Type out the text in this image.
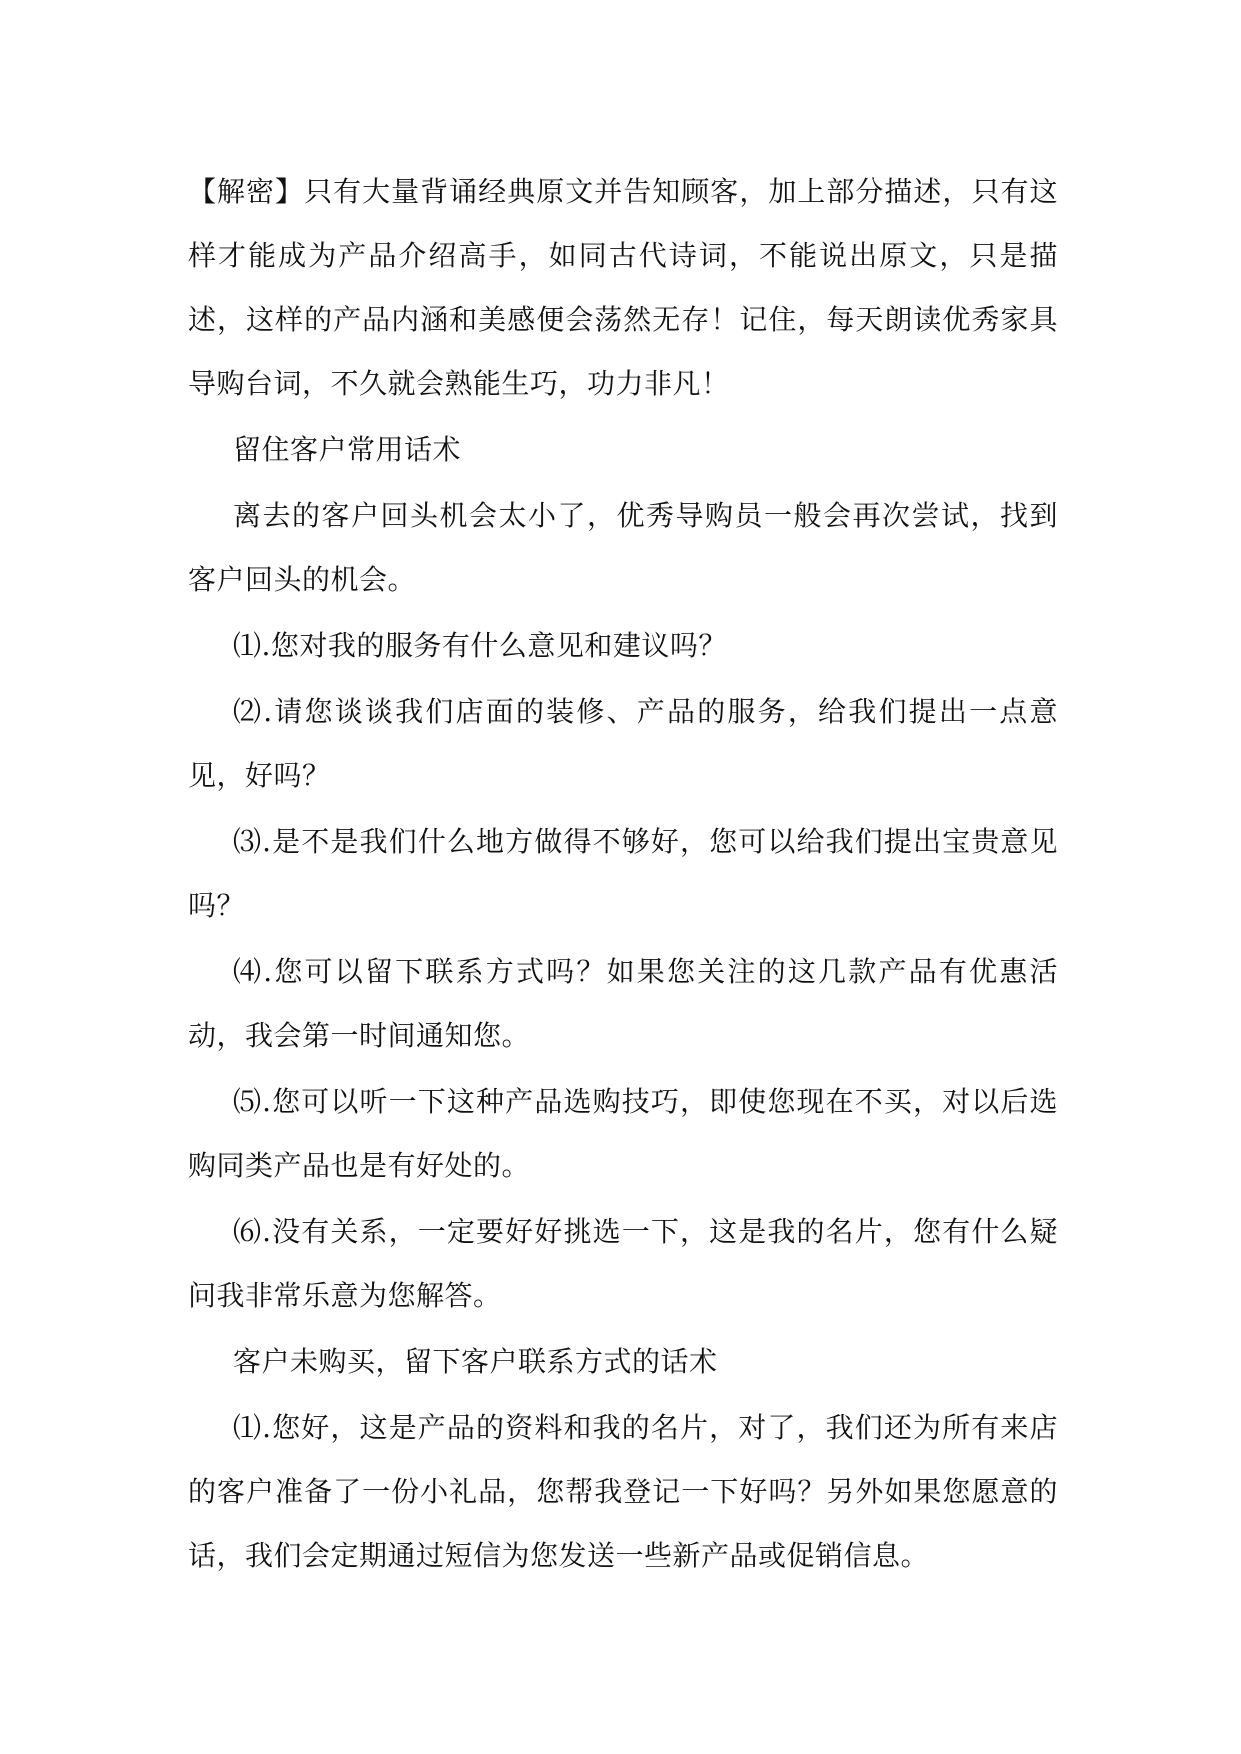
【解密】只有大量背诵经典原文并告知顾客，加上部分描述，只有这样才能成为产品介绍高手，如同古代诗词，不能说出原文，只是描述，这样的产品内涵和美感便会荡然无存！记住，每天朗读优秀家具导购台词，不久就会熟能生巧，功力非凡！

留住客户常用话术

离去的客户回头机会太小了，优秀导购员一般会再次尝试，找到客户回头的机会。

⑴.您对我的服务有什么意见和建议吗？

⑵.请您谈谈我们店面的装修、产品的服务，给我们提出一点意见，好吗？

⑶.是不是我们什么地方做得不够好，您可以给我们提出宝贵意见吗？

⑷.您可以留下联系方式吗？如果您关注的这几款产品有优惠活动，我会第一时间通知您。

⑸.您可以听一下这种产品选购技巧，即使您现在不买，对以后选购同类产品也是有好处的。

⑹.没有关系，一定要好好挑选一下，这是我的名片，您有什么疑问我非常乐意为您解答。

客户未购买，留下客户联系方式的话术

⑴.您好，这是产品的资料和我的名片，对了，我们还为所有来店的客户准备了一份小礼品，您帮我登记一下好吗？另外如果您愿意的话，我们会定期通过短信为您发送一些新产品或促销信息。
